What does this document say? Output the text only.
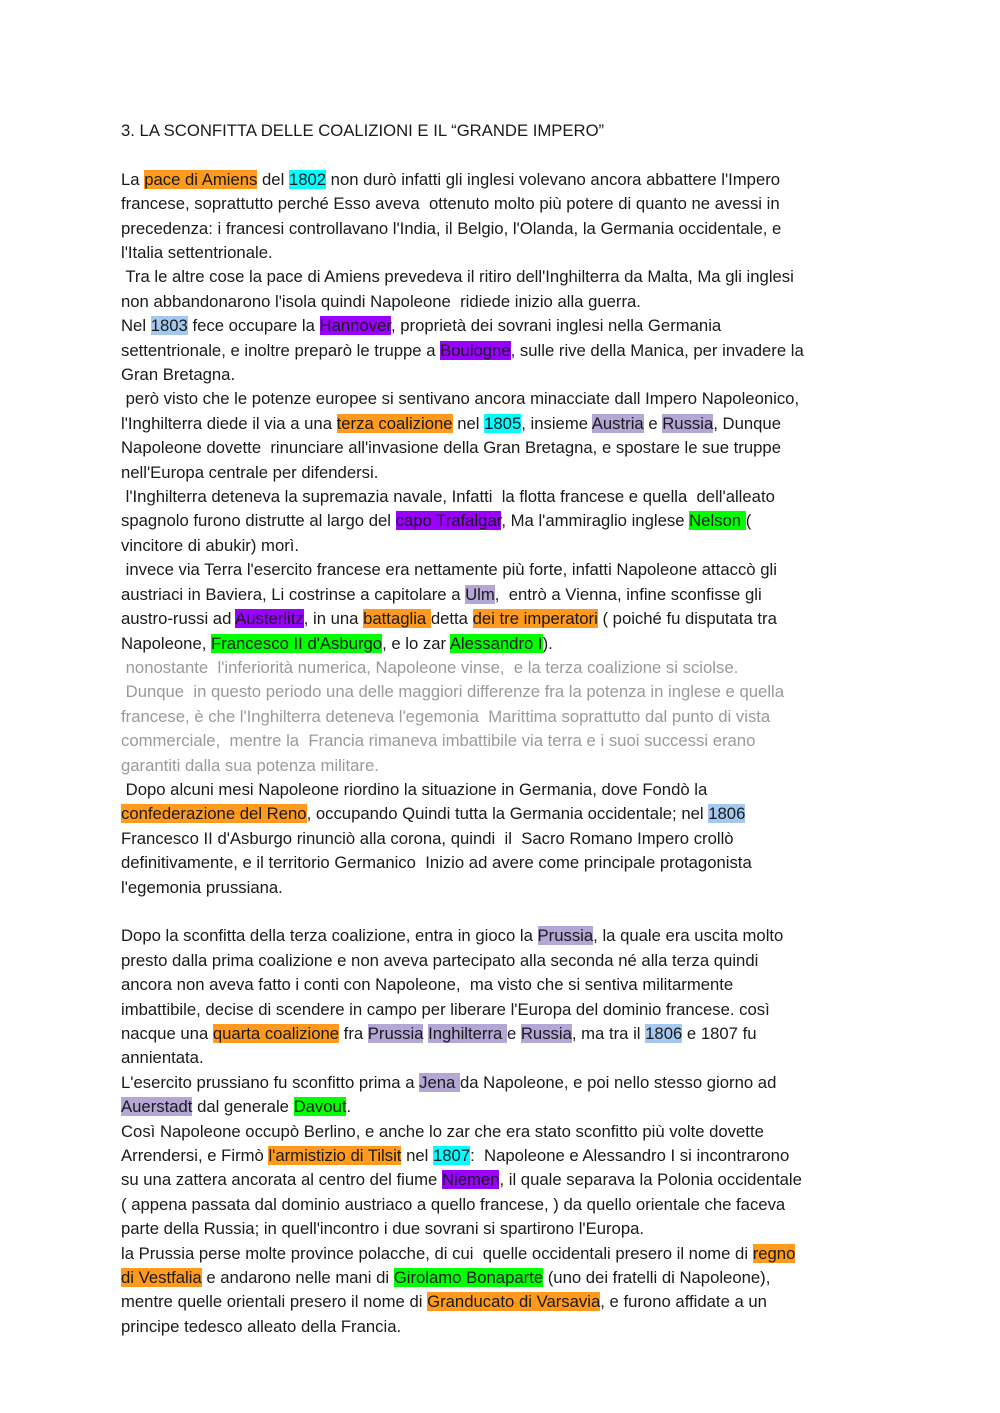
3. LA SCONFITTA DELLE COALIZIONI E IL “GRANDE IMPERO”
La pace di Amiens del 1802 non durò infatti gli inglesi volevano ancora abbattere l'Impero
francese, soprattutto perché Esso aveva  ottenuto molto più potere di quanto ne avessi in
precedenza: i francesi controllavano l'India, il Belgio, l'Olanda, la Germania occidentale, e
l'Italia settentrionale.
Tra le altre cose la pace di Amiens prevedeva il ritiro dell'Inghilterra da Malta, Ma gli inglesi
non abbandonarono l'isola quindi Napoleone  ridiede inizio alla guerra.
Nel 1803 fece occupare la Hannover, proprietà dei sovrani inglesi nella Germania
settentrionale, e inoltre preparò le truppe a Boulogne, sulle rive della Manica, per invadere la
Gran Bretagna.
però visto che le potenze europee si sentivano ancora minacciate dall Impero Napoleonico,
l'Inghilterra diede il via a una terza coalizione nel 1805, insieme Austria e Russia, Dunque
Napoleone dovette  rinunciare all'invasione della Gran Bretagna, e spostare le sue truppe
nell'Europa centrale per difendersi.
l'Inghilterra deteneva la supremazia navale, Infatti  la flotta francese e quella  dell'alleato
spagnolo furono distrutte al largo del capo Trafalgar, Ma l'ammiraglio inglese Nelson (
vincitore di abukir) morì.
invece via Terra l'esercito francese era nettamente più forte, infatti Napoleone attaccò gli
austriaci in Baviera, Li costrinse a capitolare a Ulm,  entrò a Vienna, infine sconfisse gli
austro-russi ad Austerlitz, in una battaglia detta dei tre imperatori ( poiché fu disputata tra
Napoleone, Francesco II d'Asburgo, e lo zar Alessandro I).
nonostante  l'inferiorità numerica, Napoleone vinse,  e la terza coalizione si sciolse.
Dunque  in questo periodo una delle maggiori differenze fra la potenza in inglese e quella
francese, è che l'Inghilterra deteneva l'egemonia  Marittima soprattutto dal punto di vista
commerciale,  mentre la  Francia rimaneva imbattibile via terra e i suoi successi erano
garantiti dalla sua potenza militare.
Dopo alcuni mesi Napoleone riordino la situazione in Germania, dove Fondò la
confederazione del Reno, occupando Quindi tutta la Germania occidentale; nel 1806
Francesco II d'Asburgo rinunciò alla corona, quindi  il  Sacro Romano Impero crollò
definitivamente, e il territorio Germanico  Inizio ad avere come principale protagonista
l'egemonia prussiana.
Dopo la sconfitta della terza coalizione, entra in gioco la Prussia, la quale era uscita molto
presto dalla prima coalizione e non aveva partecipato alla seconda né alla terza quindi
ancora non aveva fatto i conti con Napoleone,  ma visto che si sentiva militarmente
imbattibile, decise di scendere in campo per liberare l'Europa del dominio francese. così
nacque una quarta coalizione fra Prussia Inghilterra e Russia, ma tra il 1806 e 1807 fu
annientata.
L'esercito prussiano fu sconfitto prima a Jena da Napoleone, e poi nello stesso giorno ad
Auerstadt dal generale Davout.
Così Napoleone occupò Berlino, e anche lo zar che era stato sconfitto più volte dovette
Arrendersi, e Firmò l'armistizio di Tilsit nel 1807:  Napoleone e Alessandro I si incontrarono
su una zattera ancorata al centro del fiume Niemen, il quale separava la Polonia occidentale
( appena passata dal dominio austriaco a quello francese, ) da quello orientale che faceva
parte della Russia; in quell'incontro i due sovrani si spartirono l'Europa.
la Prussia perse molte province polacche, di cui  quelle occidentali presero il nome di regno
di Vestfalia e andarono nelle mani di Girolamo Bonaparte (uno dei fratelli di Napoleone),
mentre quelle orientali presero il nome di Granducato di Varsavia, e furono affidate a un
principe tedesco alleato della Francia.
